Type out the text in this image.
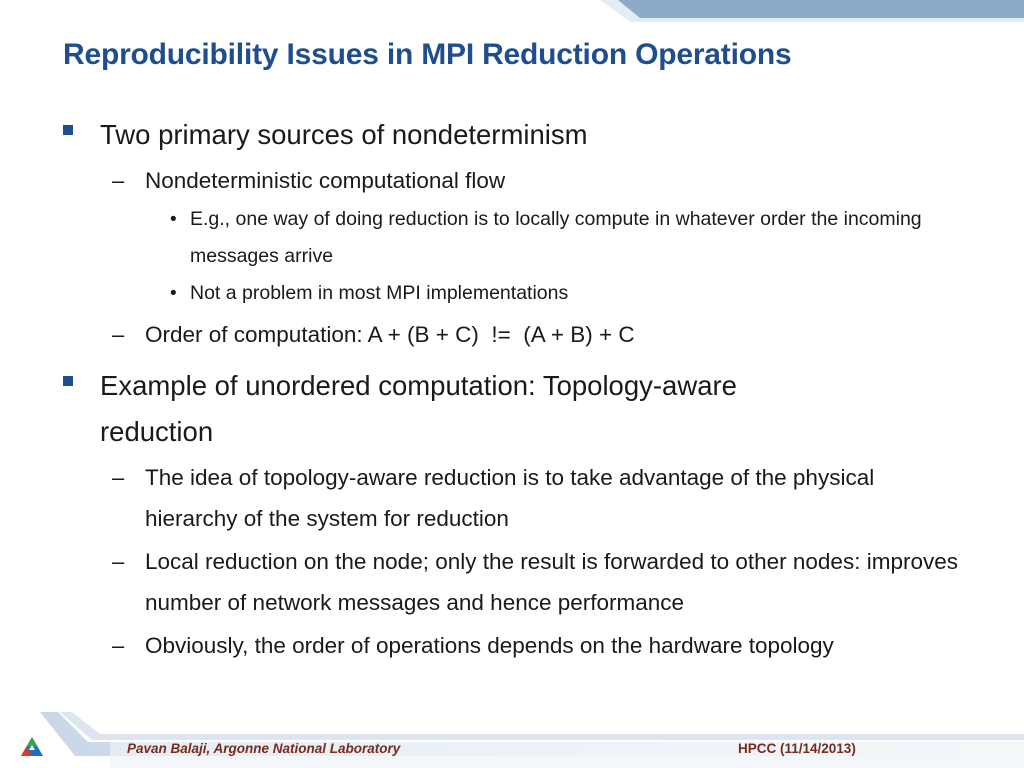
Reproducibility Issues in MPI Reduction Operations
Two primary sources of nondeterminism
– Nondeterministic computational flow
• E.g., one way of doing reduction is to locally compute in whatever order the incoming messages arrive
• Not a problem in most MPI implementations
– Order of computation: A + (B + C)  !=  (A + B) + C
Example of unordered computation: Topology-aware reduction
– The idea of topology-aware reduction is to take advantage of the physical hierarchy of the system for reduction
– Local reduction on the node; only the result is forwarded to other nodes: improves number of network messages and hence performance
– Obviously, the order of operations depends on the hardware topology
Pavan Balaji, Argonne National Laboratory	HPCC (11/14/2013)
